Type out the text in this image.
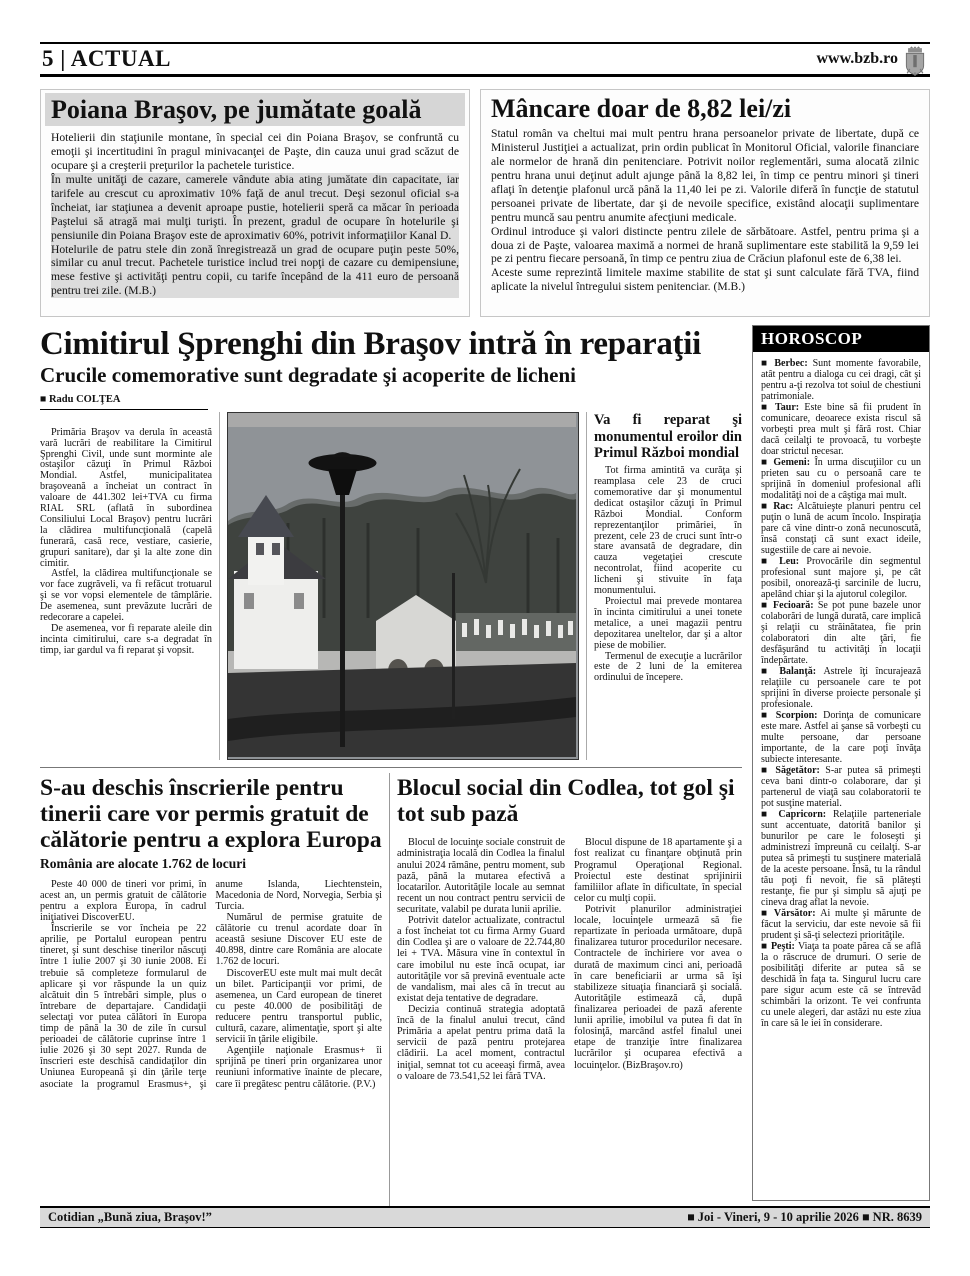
5 | ACTUAL	www.bzb.ro
Poiana Braşov, pe jumătate goală

Hotelierii din staţiunile montane, în special cei din Poiana Braşov, se confruntă cu emoţii şi incertitudini în pragul minivacanţei de Paşte, din cauza unui grad scăzut de ocupare şi a creşterii preţurilor la pachetele turistice.

În multe unităţi de cazare, camerele vândute abia ating jumătate din capacitate, iar tarifele au crescut cu aproximativ 10% faţă de anul trecut. Deşi sezonul oficial s-a încheiat, iar staţiunea a devenit aproape pustie, hotelierii speră ca măcar în perioada Paştelui să atragă mai mulţi turişti. În prezent, gradul de ocupare în hotelurile şi pensiunile din Poiana Braşov este de aproximativ 60%, potrivit informaţiilor Kanal D.

Hotelurile de patru stele din zonă înregistrează un grad de ocupare puţin peste 50%, similar cu anul trecut. Pachetele turistice includ trei nopţi de cazare cu demipensiune, mese festive şi activităţi pentru copii, cu tarife începând de la 411 euro de persoană pentru trei zile. (M.B.)

Mâncare doar de 8,82 lei/zi

Statul român va cheltui mai mult pentru hrana persoanelor private de libertate, după ce Ministerul Justiţiei a actualizat, prin ordin publicat în Monitorul Oficial, valorile financiare ale normelor de hrană din penitenciare. Potrivit noilor reglementări, suma alocată zilnic pentru hrana unui deţinut adult ajunge până la 8,82 lei, în timp ce pentru minori şi tineri aflaţi în detenţie plafonul urcă până la 11,40 lei pe zi. Valorile diferă în funcţie de statutul persoanei private de libertate, dar şi de nevoile specifice, existând alocaţii suplimentare pentru muncă sau pentru anumite afecţiuni medicale.

Ordinul introduce şi valori distincte pentru zilele de sărbătoare. Astfel, pentru prima şi a doua zi de Paşte, valoarea maximă a normei de hrană suplimentare este stabilită la 9,59 lei pe zi pentru fiecare persoană, în timp ce pentru ziua de Crăciun plafonul este de 6,38 lei.

Aceste sume reprezintă limitele maxime stabilite de stat şi sunt calculate fără TVA, fiind aplicate la nivelul întregului sistem penitenciar. (M.B.)

Cimitirul Şprenghi din Braşov intră în reparaţii
Crucile comemorative sunt degradate şi acoperite de licheni
■ Radu COLŢEA

Primăria Braşov va derula în această vară lucrări de reabilitare la Cimitirul Şprenghi Civil, unde sunt morminte ale ostaşilor căzuţi în Primul Război Mondial. Astfel, municipalitatea braşoveană a încheiat un contract în valoare de 441.302 lei+TVA cu firma RIAL SRL (aflată în subordinea Consiliului Local Braşov) pentru lucrări la clădirea multifuncţională (capelă funerară, casă rece, vestiare, casierie, grupuri sanitare), dar şi la alte zone din cimitir.

Astfel, la clădirea multifuncţionale se vor face zugrăveli, va fi refăcut trotuarul şi se vor vopsi elementele de tâmplărie. De asemenea, sunt prevăzute lucrări de redecorare a capelei.

De asemenea, vor fi reparate aleile din incinta cimitirului, care s-a degradat în timp, iar gardul va fi reparat şi vopsit.

Va fi reparat şi monumentul eroilor din Primul Război mondial

Tot firma amintită va curăţa şi reamplasa cele 23 de cruci comemorative dar şi monumentul dedicat ostaşilor căzuţi în Primul Război Mondial. Conform reprezentanţilor primăriei, în prezent, cele 23 de cruci sunt într-o stare avansată de degradare, din cauza vegetaţiei crescute necontrolat, fiind acoperite cu licheni şi stivuite în faţa monumentului.

Proiectul mai prevede montarea în incinta cimitirului a unei tonete metalice, a unei magazii pentru depozitarea uneltelor, dar şi a altor piese de mobilier.

Termenul de execuţie a lucrărilor este de 2 luni de la emiterea ordinului de începere.

S-au deschis înscrierile pentru tinerii care vor permis gratuit de călătorie pentru a explora Europa
România are alocate 1.762 de locuri

Peste 40 000 de tineri vor primi, în acest an, un permis gratuit de călătorie pentru a explora Europa, în cadrul iniţiativei DiscoverEU.

Înscrierile se vor încheia pe 22 aprilie, pe Portalul european pentru tineret, şi sunt deschise tinerilor născuţi între 1 iulie 2007 şi 30 iunie 2008. Ei trebuie să completeze formularul de aplicare şi vor răspunde la un quiz alcătuit din 5 întrebări simple, plus o întrebare de departajare. Candidaţii selectaţi vor putea călători în Europa timp de până la 30 de zile în cursul perioadei de călătorie cuprinse între 1 iulie 2026 şi 30 sept 2027. Runda de înscrieri este deschisă candidaţilor din Uniunea Europeană şi din ţările terţe asociate la programul Erasmus+, şi anume Islanda, Liechtenstein, Macedonia de Nord, Norvegia, Serbia şi Turcia.

Numărul de permise gratuite de călătorie cu trenul acordate doar în această sesiune Discover EU este de 40.898, dintre care România are alocate 1.762 de locuri.

DiscoverEU este mult mai mult decât un bilet. Participanţii vor primi, de asemenea, un Card european de tineret cu peste 40.000 de posibilităţi de reducere pentru transportul public, cultură, cazare, alimentaţie, sport şi alte servicii în ţările eligibile.

Agenţiile naţionale Erasmus+ îi sprijină pe tineri prin organizarea unor reuniuni informative înainte de plecare, care îi pregătesc pentru călătorie. (P.V.)

Blocul social din Codlea, tot gol şi tot sub pază

Blocul de locuinţe sociale construit de administraţia locală din Codlea la finalul anului 2024 rămâne, pentru moment, sub pază, până la mutarea efectivă a locatarilor. Autorităţile locale au semnat recent un nou contract pentru servicii de securitate, valabil pe durata lunii aprilie.

Potrivit datelor actualizate, contractul a fost încheiat tot cu firma Army Guard din Codlea şi are o valoare de 22.744,80 lei + TVA. Măsura vine în contextul în care imobilul nu este încă ocupat, iar autorităţile vor să prevină eventuale acte de vandalism, mai ales că în trecut au existat deja tentative de degradare.

Decizia continuă strategia adoptată încă de la finalul anului trecut, când Primăria a apelat pentru prima dată la servicii de pază pentru protejarea clădirii. La acel moment, contractul iniţial, semnat tot cu aceeaşi firmă, avea o valoare de 73.541,52 lei fără TVA.

Blocul dispune de 18 apartamente şi a fost realizat cu finanţare obţinută prin Programul Operaţional Regional. Proiectul este destinat sprijinirii familiilor aflate în dificultate, în special celor cu mulţi copii.

Potrivit planurilor administraţiei locale, locuinţele urmează să fie repartizate în perioada următoare, după finalizarea tuturor procedurilor necesare. Contractele de închiriere vor avea o durată de maximum cinci ani, perioadă în care beneficiarii ar urma să îşi stabilizeze situaţia financiară şi socială. Autorităţile estimează că, după finalizarea perioadei de pază aferente lunii aprilie, imobilul va putea fi dat în folosinţă, marcând astfel finalul unei etape de tranziţie între finalizarea lucrărilor şi ocuparea efectivă a locuinţelor. (BizBraşov.ro)

HOROSCOP

■ Berbec: Sunt momente favorabile, atât pentru a dialoga cu cei dragi, cât şi pentru a-ţi rezolva tot soiul de chestiuni patrimoniale.

■ Taur: Este bine să fii prudent în comunicare, deoarece exista riscul să vorbeşti prea mult şi fără rost. Chiar dacă ceilalţi te provoacă, tu vorbeşte doar strictul necesar.

■ Gemeni: În urma discuţiilor cu un prieten sau cu o persoană care te sprijină în domeniul profesional afli modalităţi noi de a câştiga mai mult.

■ Rac: Alcătuieşte planuri pentru cel puţin o lună de acum încolo. Inspiraţia pare că vine dintr-o zonă necunoscută, însă constaţi că sunt exact ideile, sugestiile de care ai nevoie.

■ Leu: Provocările din segmentul profesional sunt majore şi, pe cât posibil, onorează-ţi sarcinile de lucru, apelând chiar şi la ajutorul colegilor.

■ Fecioară: Se pot pune bazele unor colaborări de lungă durată, care implică şi relaţii cu străinătatea, fie prin colaboratori din alte ţări, fie desfăşurând tu activităţi în locaţii îndepărtate.

■ Balanţă: Astrele îţi încurajează relaţiile cu persoanele care te pot sprijini în diverse proiecte personale şi profesionale.

■ Scorpion: Dorinţa de comunicare este mare. Astfel ai şanse să vorbeşti cu multe persoane, dar persoane importante, de la care poţi învăţa subiecte interesante.

■ Săgetător: S-ar putea să primeşti ceva bani dintr-o colaborare, dar şi partenerul de viaţă sau colaboratorii te pot susţine material.

■ Capricorn: Relaţiile parteneriale sunt accentuate, datorită banilor şi bunurilor pe care le foloseşti şi administrezi împreună cu ceilalţi. S-ar putea să primeşti tu susţinere materială de la aceste persoane. Însă, tu la rândul tău poţi fi nevoit, fie să plăteşti restanţe, fie pur şi simplu să ajuţi pe cineva drag aflat la nevoie.

■ Vărsător: Ai multe şi mărunte de făcut la serviciu, dar este nevoie să fii prudent şi să-ţi selectezi priorităţile.

■ Peşti: Viaţa ta poate părea că se află la o răscruce de drumuri. O serie de posibilităţi diferite ar putea să se deschidă în faţa ta. Singurul lucru care pare sigur acum este că se întrevăd schimbări la orizont. Te vei confrunta cu unele alegeri, dar astăzi nu este ziua în care să le iei în considerare.

Cotidian „Bună ziua, Braşov!”	■ Joi - Vineri, 9 - 10 aprilie 2026 ■ NR. 8639
